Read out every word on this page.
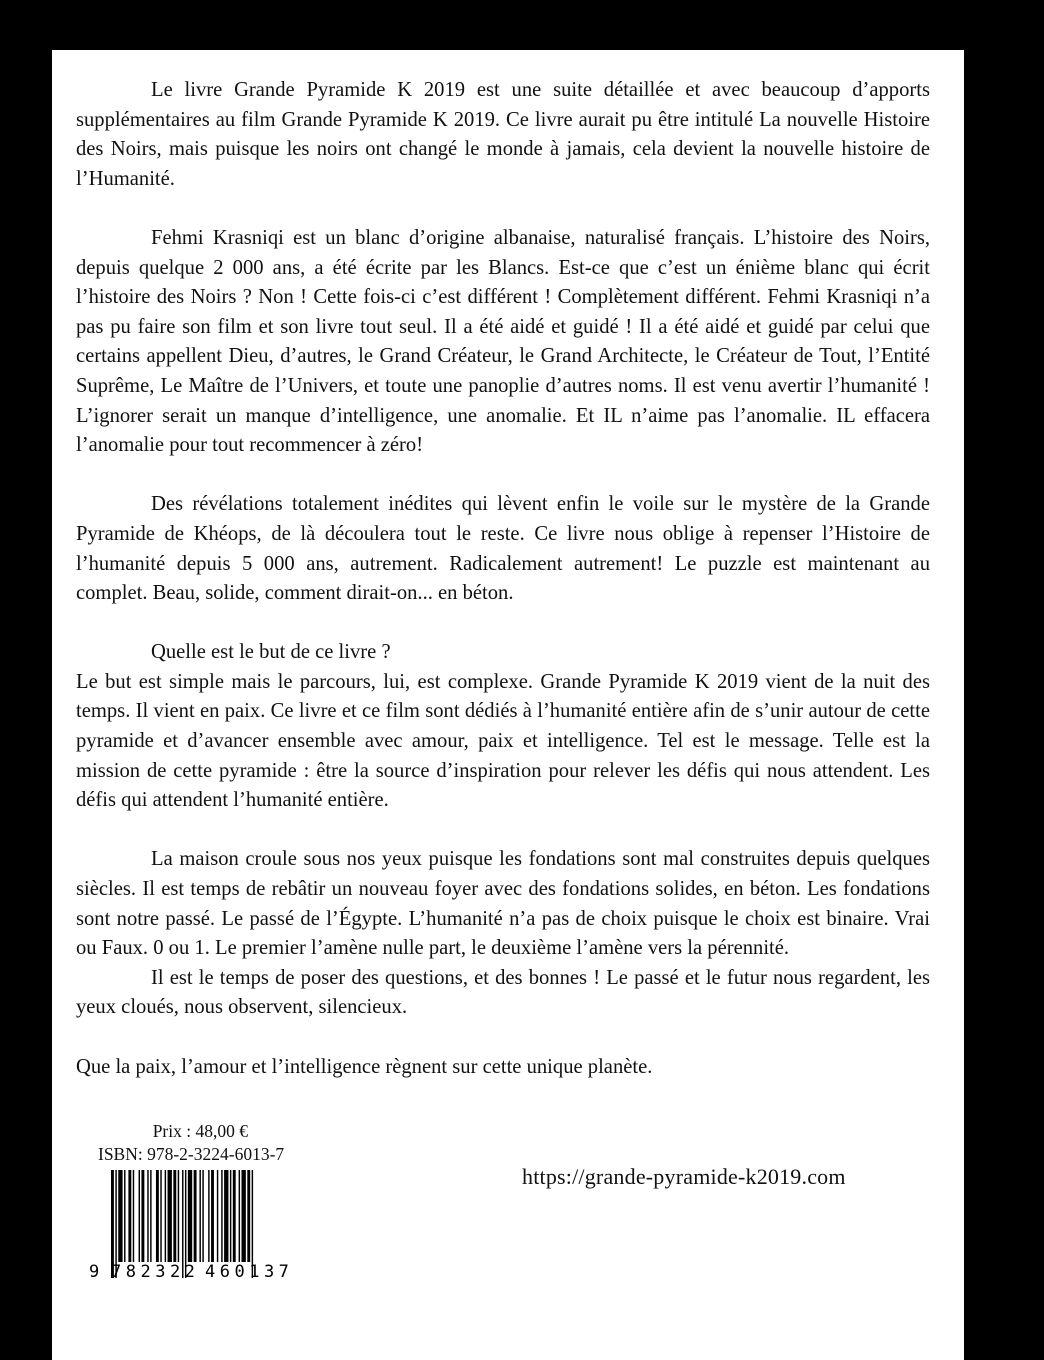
Le livre Grande Pyramide K 2019 est une suite détaillée et avec beaucoup d’apports supplémentaires au film Grande Pyramide K 2019. Ce livre aurait pu être intitulé La nouvelle Histoire des Noirs, mais puisque les noirs ont changé le monde à jamais, cela devient la nouvelle histoire de l’Humanité.

Fehmi Krasniqi est un blanc d’origine albanaise, naturalisé français. L’histoire des Noirs, depuis quelque 2 000 ans, a été écrite par les Blancs. Est-ce que c’est un énième blanc qui écrit l’histoire des Noirs ? Non ! Cette fois-ci c’est différent ! Complètement différent. Fehmi Krasniqi n’a pas pu faire son film et son livre tout seul. Il a été aidé et guidé ! Il a été aidé et guidé par celui que certains appellent Dieu, d’autres, le Grand Créateur, le Grand Architecte, le Créateur de Tout, l’Entité Suprême, Le Maître de l’Univers, et toute une panoplie d’autres noms. Il est venu avertir l’humanité ! L’ignorer serait un manque d’intelligence, une anomalie. Et IL n’aime pas l’anomalie. IL effacera l’anomalie pour tout recommencer à zéro!

Des révélations totalement inédites qui lèvent enfin le voile sur le mystère de la Grande Pyramide de Khéops, de là découlera tout le reste. Ce livre nous oblige à repenser l’Histoire de l’humanité depuis 5 000 ans, autrement. Radicalement autrement! Le puzzle est maintenant au complet. Beau, solide, comment dirait-on... en béton.

Quelle est le but de ce livre ?

Le but est simple mais le parcours, lui, est complexe. Grande Pyramide K 2019 vient de la nuit des temps. Il vient en paix. Ce livre et ce film sont dédiés à l’humanité entière afin de s’unir autour de cette pyramide et d’avancer ensemble avec amour, paix et intelligence. Tel est le message. Telle est la mission de cette pyramide : être la source d’inspiration pour relever les défis qui nous attendent. Les défis qui attendent l’humanité entière.

La maison croule sous nos yeux puisque les fondations sont mal construites depuis quelques siècles. Il est temps de rebâtir un nouveau foyer avec des fondations solides, en béton. Les fondations sont notre passé. Le passé de l’Égypte. L’humanité n’a pas de choix puisque le choix est binaire. Vrai ou Faux. 0 ou 1. Le premier l’amène nulle part, le deuxième l’amène vers la pérennité.

Il est le temps de poser des questions, et des bonnes ! Le passé et le futur nous regardent, les yeux cloués, nous observent, silencieux.

Que la paix, l’amour et l’intelligence règnent sur cette unique planète.

Prix : 48,00 €
ISBN: 978-2-3224-6013-7
9 782322 460137
https://grande-pyramide-k2019.com
